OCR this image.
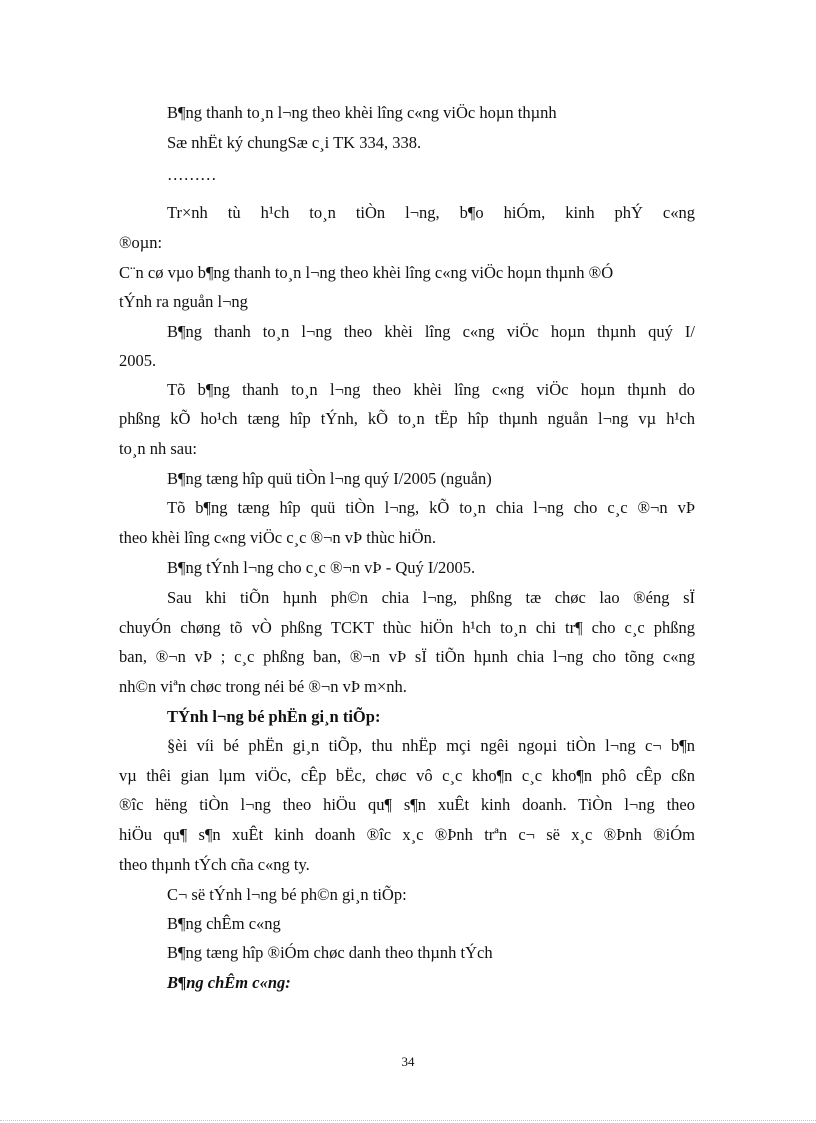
B¶ng thanh to¸n l¬ng theo khèi lîng c«ng viÖc hoµn thµnh
Sæ nhËt ký chungSæ c¸i TK 334, 338.
………
Tr×nh tù h¹ch to¸n tiÒn l¬ng, b¶o hiÓm, kinh phÝ c«ng
®oµn:
C¨n cø vµo b¶ng thanh to¸n l¬ng theo khèi lîng c«ng viÖc hoµn thµnh ®Ó
tÝnh ra nguån l¬ng
B¶ng thanh to¸n l¬ng theo khèi lîng c«ng viÖc hoµn thµnh quý I/
2005.
Tõ b¶ng thanh to¸n l¬ng theo khèi lîng c«ng viÖc hoµn thµnh do
phßng kÕ ho¹ch tæng hîp tÝnh, kÕ to¸n tËp hîp thµnh nguån l¬ng vµ h¹ch
to¸n nh sau:
B¶ng tæng hîp quü tiÒn l¬ng quý I/2005 (nguån)
Tõ b¶ng tæng hîp quü tiÒn l¬ng, kÕ to¸n chia l¬ng cho c¸c ®¬n vÞ
theo khèi lîng c«ng viÖc c¸c ®¬n vÞ thùc hiÖn.
B¶ng tÝnh l¬ng cho c¸c ®¬n vÞ - Quý I/2005.
Sau khi tiÕn hµnh ph©n chia l¬ng, phßng tæ chøc lao ®éng sÏ
chuyÓn chøng tõ vÒ phßng TCKT thùc hiÖn h¹ch to¸n chi tr¶ cho c¸c phßng
ban, ®¬n vÞ ; c¸c phßng ban, ®¬n vÞ sÏ tiÕn hµnh chia l¬ng cho tõng c«ng
nh©n viªn chøc trong néi bé ®¬n vÞ m×nh.
TÝnh l¬ng bé phËn gi¸n tiÕp:
§èi víi bé phËn gi¸n tiÕp, thu nhËp mçi ngêi ngoµi tiÒn l¬ng c¬ b¶n
vµ thêi gian lµm viÖc, cÊp bËc, chøc vô c¸c kho¶n c¸c kho¶n phô cÊp cßn
®îc hëng tiÒn l¬ng theo hiÖu qu¶ s¶n xuÊt kinh doanh. TiÒn l¬ng theo
hiÖu qu¶ s¶n xuÊt kinh doanh ®îc x¸c ®Þnh trªn c¬ së x¸c ®Þnh ®iÓm
theo thµnh tÝch cña c«ng ty.
C¬ së tÝnh l¬ng bé ph©n gi¸n tiÕp:
B¶ng chÊm c«ng
B¶ng tæng hîp ®iÓm chøc danh theo thµnh tÝch
B¶ng chÊm c«ng:
34
